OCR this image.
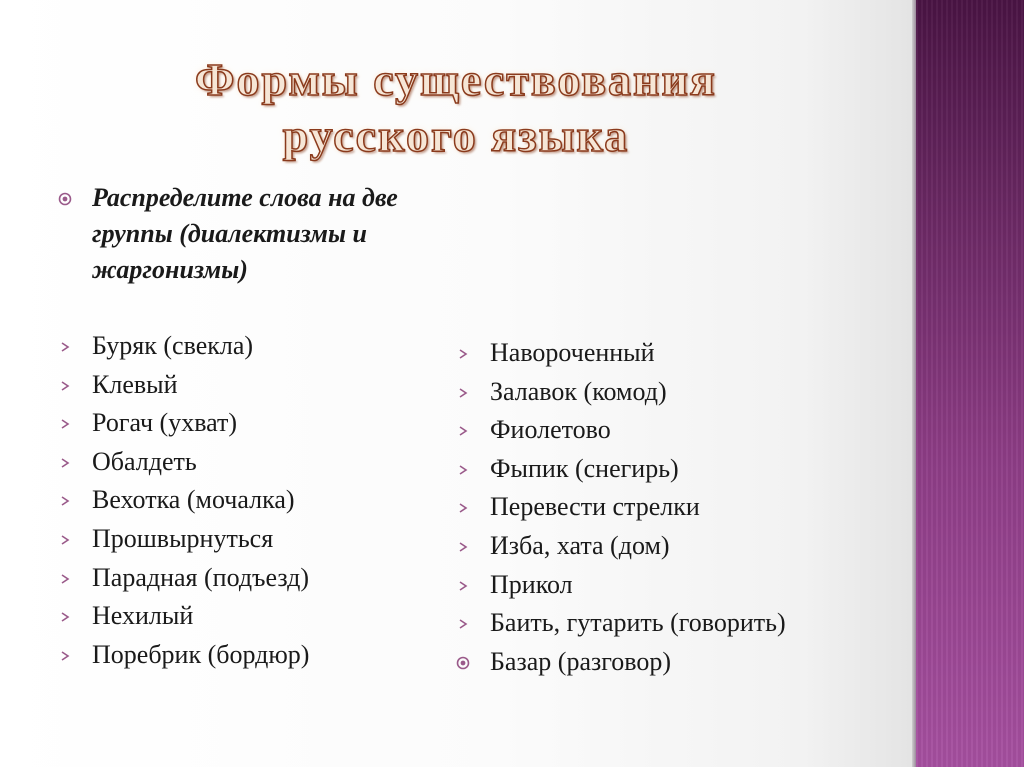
Формы существования
русского языка
Распределите слова на две группы (диалектизмы и жаргонизмы)
Буряк (свекла)
Клевый
Рогач (ухват)
Обалдеть
Вехотка (мочалка)
Прошвырнуться
Парадная (подъезд)
Нехилый
Поребрик (бордюр)
Навороченный
Залавок (комод)
Фиолетово
Фыпик (снегирь)
Перевести стрелки
Изба, хата (дом)
Прикол
Баить, гутарить (говорить)
Базар (разговор)
